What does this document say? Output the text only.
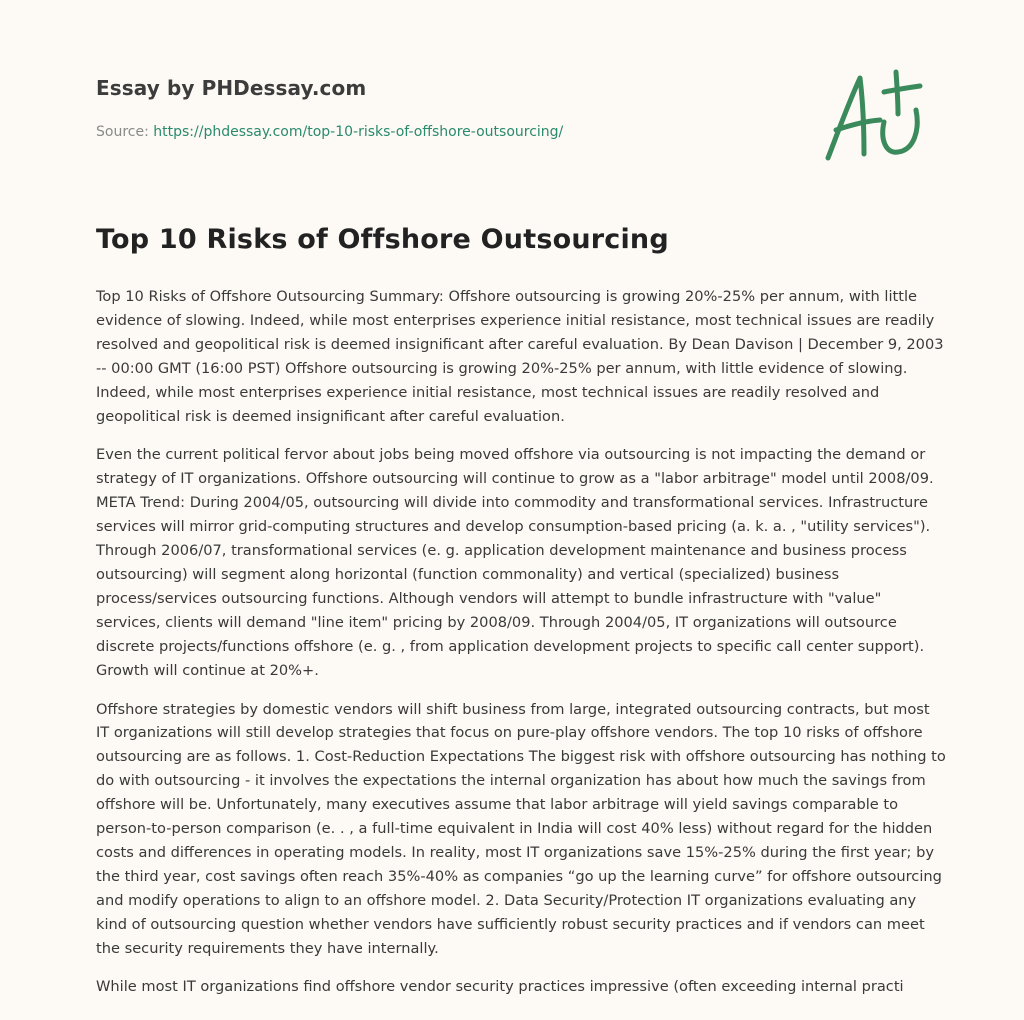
Essay by PHDessay.com
Source: https://phdessay.com/top-10-risks-of-offshore-outsourcing/
Top 10 Risks of Offshore Outsourcing

Top 10 Risks of Offshore Outsourcing Summary: Offshore outsourcing is growing 20%-25% per annum, with little evidence of slowing. Indeed, while most enterprises experience initial resistance, most technical issues are readily resolved and geopolitical risk is deemed insignificant after careful evaluation. By Dean Davison | December 9, 2003 -- 00:00 GMT (16:00 PST) Offshore outsourcing is growing 20%-25% per annum, with little evidence of slowing. Indeed, while most enterprises experience initial resistance, most technical issues are readily resolved and geopolitical risk is deemed insignificant after careful evaluation.

Even the current political fervor about jobs being moved offshore via outsourcing is not impacting the demand or strategy of IT organizations. Offshore outsourcing will continue to grow as a "labor arbitrage" model until 2008/09. META Trend: During 2004/05, outsourcing will divide into commodity and transformational services. Infrastructure services will mirror grid-computing structures and develop consumption-based pricing (a. k. a. , "utility services"). Through 2006/07, transformational services (e. g. application development maintenance and business process outsourcing) will segment along horizontal (function commonality) and vertical (specialized) business process/services outsourcing functions. Although vendors will attempt to bundle infrastructure with "value" services, clients will demand "line item" pricing by 2008/09. Through 2004/05, IT organizations will outsource discrete projects/functions offshore (e. g. , from application development projects to specific call center support). Growth will continue at 20%+.

Offshore strategies by domestic vendors will shift business from large, integrated outsourcing contracts, but most IT organizations will still develop strategies that focus on pure-play offshore vendors. The top 10 risks of offshore outsourcing are as follows. 1. Cost-Reduction Expectations The biggest risk with offshore outsourcing has nothing to do with outsourcing - it involves the expectations the internal organization has about how much the savings from offshore will be. Unfortunately, many executives assume that labor arbitrage will yield savings comparable to person-to-person comparison (e. . , a full-time equivalent in India will cost 40% less) without regard for the hidden costs and differences in operating models. In reality, most IT organizations save 15%-25% during the first year; by the third year, cost savings often reach 35%-40% as companies “go up the learning curve” for offshore outsourcing and modify operations to align to an offshore model. 2. Data Security/Protection IT organizations evaluating any kind of outsourcing question whether vendors have sufficiently robust security practices and if vendors can meet the security requirements they have internally.

While most IT organizations find offshore vendor security practices impressive (often exceeding internal practi
